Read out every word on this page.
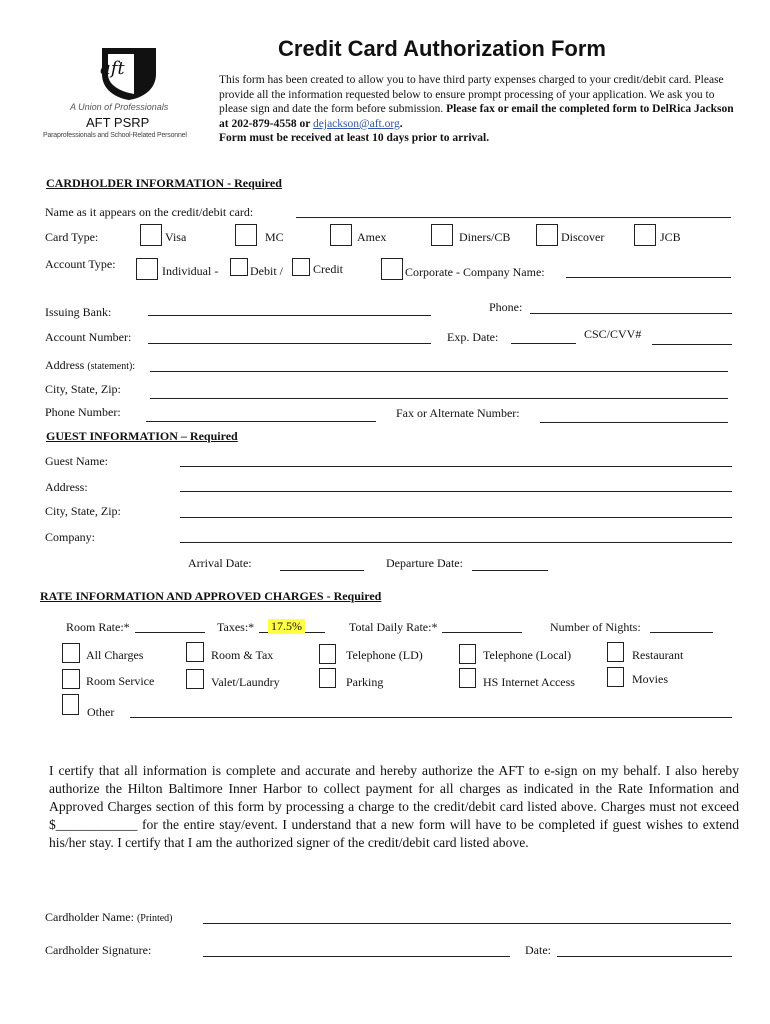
aft
A Union of Professionals
AFT PSRP
Paraprofessionals and School-Related Personnel
Credit Card Authorization Form
This form has been created to allow you to have third party expenses charged to your credit/debit card. Please provide all the information requested below to ensure prompt processing of your application. We ask you to please sign and date the form before submission. Please fax or email the completed form to DelRica Jackson at 202-879-4558 or dejackson@aft.org.
Form must be received at least 10 days prior to arrival.
CARDHOLDER INFORMATION - Required
Name as it appears on the credit/debit card:
Card Type:	Visa	MC	Amex	Diners/CB	Discover	JCB
Account Type:	Individual -	Debit /	Credit	Corporate - Company Name:
Phone:
Issuing Bank:
Account Number:	Exp. Date:	CSC/CVV#
Address (statement):
City, State, Zip:
Phone Number:	Fax or Alternate Number:
GUEST INFORMATION – Required
Guest Name:
Address:
City, State, Zip:
Company:
Arrival Date:	Departure Date:
RATE INFORMATION AND APPROVED CHARGES - Required
Room Rate:*	Taxes:* 17.5%	Total Daily Rate:*	Number of Nights:
All Charges	Room & Tax	Telephone (LD)	Telephone (Local)	Restaurant
Room Service	Valet/Laundry	Parking	HS Internet Access	Movies
Other
I certify that all information is complete and accurate and hereby authorize the AFT to e-sign on my behalf. I also hereby authorize the Hilton Baltimore Inner Harbor to collect payment for all charges as indicated in the Rate Information and Approved Charges section of this form by processing a charge to the credit/debit card listed above. Charges must not exceed $____________ for the entire stay/event. I understand that a new form will have to be completed if guest wishes to extend his/her stay. I certify that I am the authorized signer of the credit/debit card listed above.
Cardholder Name: (Printed)
Cardholder Signature:	Date:
